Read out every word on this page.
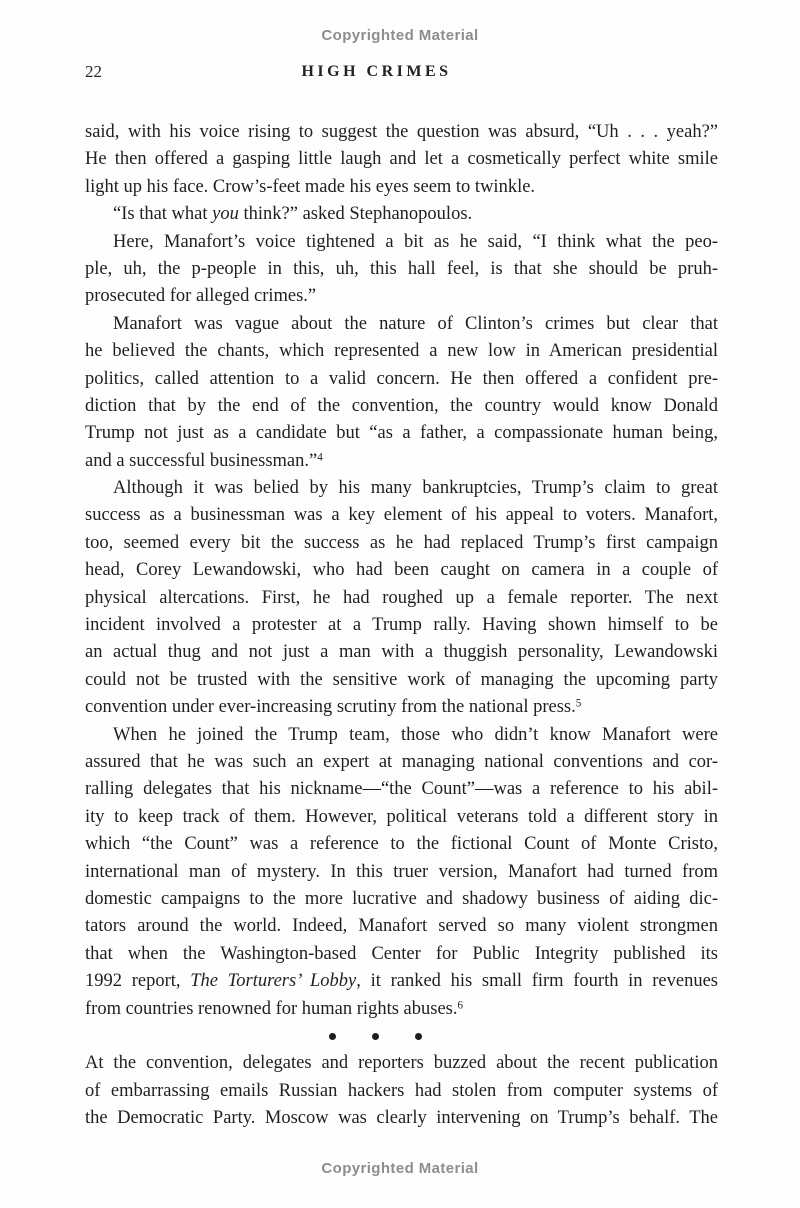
Copyrighted Material
22	HIGH CRIMES
said, with his voice rising to suggest the question was absurd, “Uh . . . yeah?”
He then offered a gasping little laugh and let a cosmetically perfect white smile
light up his face. Crow’s-feet made his eyes seem to twinkle.
“Is that what you think?” asked Stephanopoulos.
Here, Manafort’s voice tightened a bit as he said, “I think what the peo-
ple, uh, the p-people in this, uh, this hall feel, is that she should be pruh-
prosecuted for alleged crimes.”
Manafort was vague about the nature of Clinton’s crimes but clear that
he believed the chants, which represented a new low in American presidential
politics, called attention to a valid concern. He then offered a confident pre-
diction that by the end of the convention, the country would know Donald
Trump not just as a candidate but “as a father, a compassionate human being,
and a successful businessman.”$^4$
Although it was belied by his many bankruptcies, Trump’s claim to great
success as a businessman was a key element of his appeal to voters. Manafort,
too, seemed every bit the success as he had replaced Trump’s first campaign
head, Corey Lewandowski, who had been caught on camera in a couple of
physical altercations. First, he had roughed up a female reporter. The next
incident involved a protester at a Trump rally. Having shown himself to be
an actual thug and not just a man with a thuggish personality, Lewandowski
could not be trusted with the sensitive work of managing the upcoming party
convention under ever-increasing scrutiny from the national press.$^5$
When he joined the Trump team, those who didn’t know Manafort were
assured that he was such an expert at managing national conventions and cor-
ralling delegates that his nickname—“the Count”—was a reference to his abil-
ity to keep track of them. However, political veterans told a different story in
which “the Count” was a reference to the fictional Count of Monte Cristo,
international man of mystery. In this truer version, Manafort had turned from
domestic campaigns to the more lucrative and shadowy business of aiding dic-
tators around the world. Indeed, Manafort served so many violent strongmen
that when the Washington-based Center for Public Integrity published its
1992 report, The Torturers’ Lobby, it ranked his small firm fourth in revenues
from countries renowned for human rights abuses.$^6$
At the convention, delegates and reporters buzzed about the recent publication
of embarrassing emails Russian hackers had stolen from computer systems of
the Democratic Party. Moscow was clearly intervening on Trump’s behalf. The
Copyrighted Material
